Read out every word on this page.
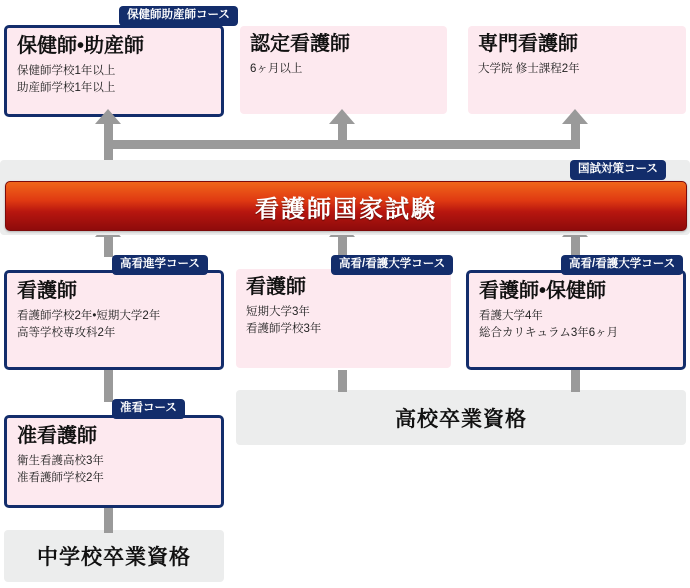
保健師•助産師
保健師学校1年以上
助産師学校1年以上
認定看護師
6ヶ月以上
専門看護師
大学院 修士課程2年
保健師助産師コース
看護師国家試験
国試対策コース
看護師
看護師学校2年•短期大学2年
高等学校専攻科2年
看護師
短期大学3年
看護師学校3年
看護師•保健師
看護大学4年
総合カリキュラム3年6ヶ月
高看進学コース	高看/看護大学コース	高看/看護大学コース
准看護師
衛生看護高校3年
准看護師学校2年
准看コース	高校卒業資格
中学校卒業資格
